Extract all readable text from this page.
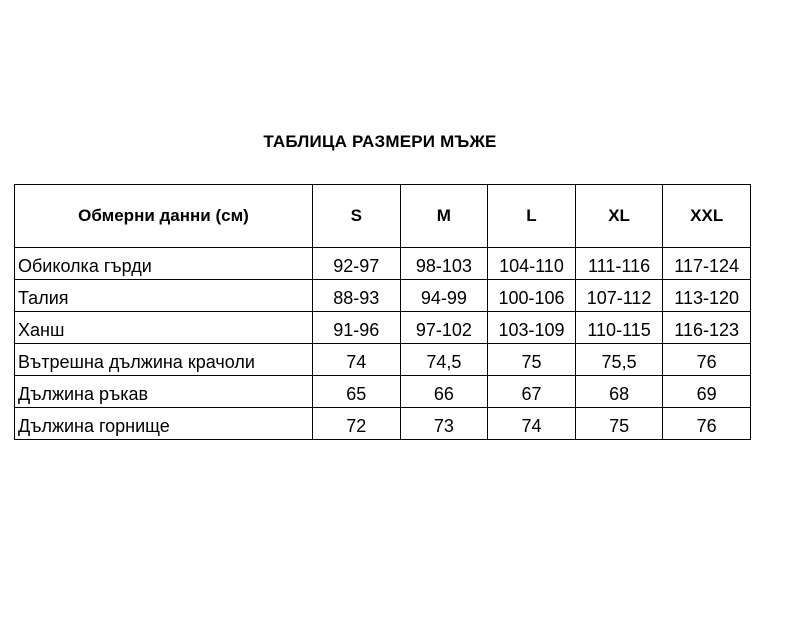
ТАБЛИЦА РАЗМЕРИ МЪЖЕ
Обмерни данни (см)	S	M	L	XL	XXL
Обиколка гърди	92-97	98-103	104-110	111-116	117-124
Талия	88-93	94-99	100-106	107-112	113-120
Ханш	91-96	97-102	103-109	110-115	116-123
Вътрешна дължина крачоли	74	74,5	75	75,5	76
Дължина ръкав	65	66	67	68	69
Дължина горнище	72	73	74	75	76
